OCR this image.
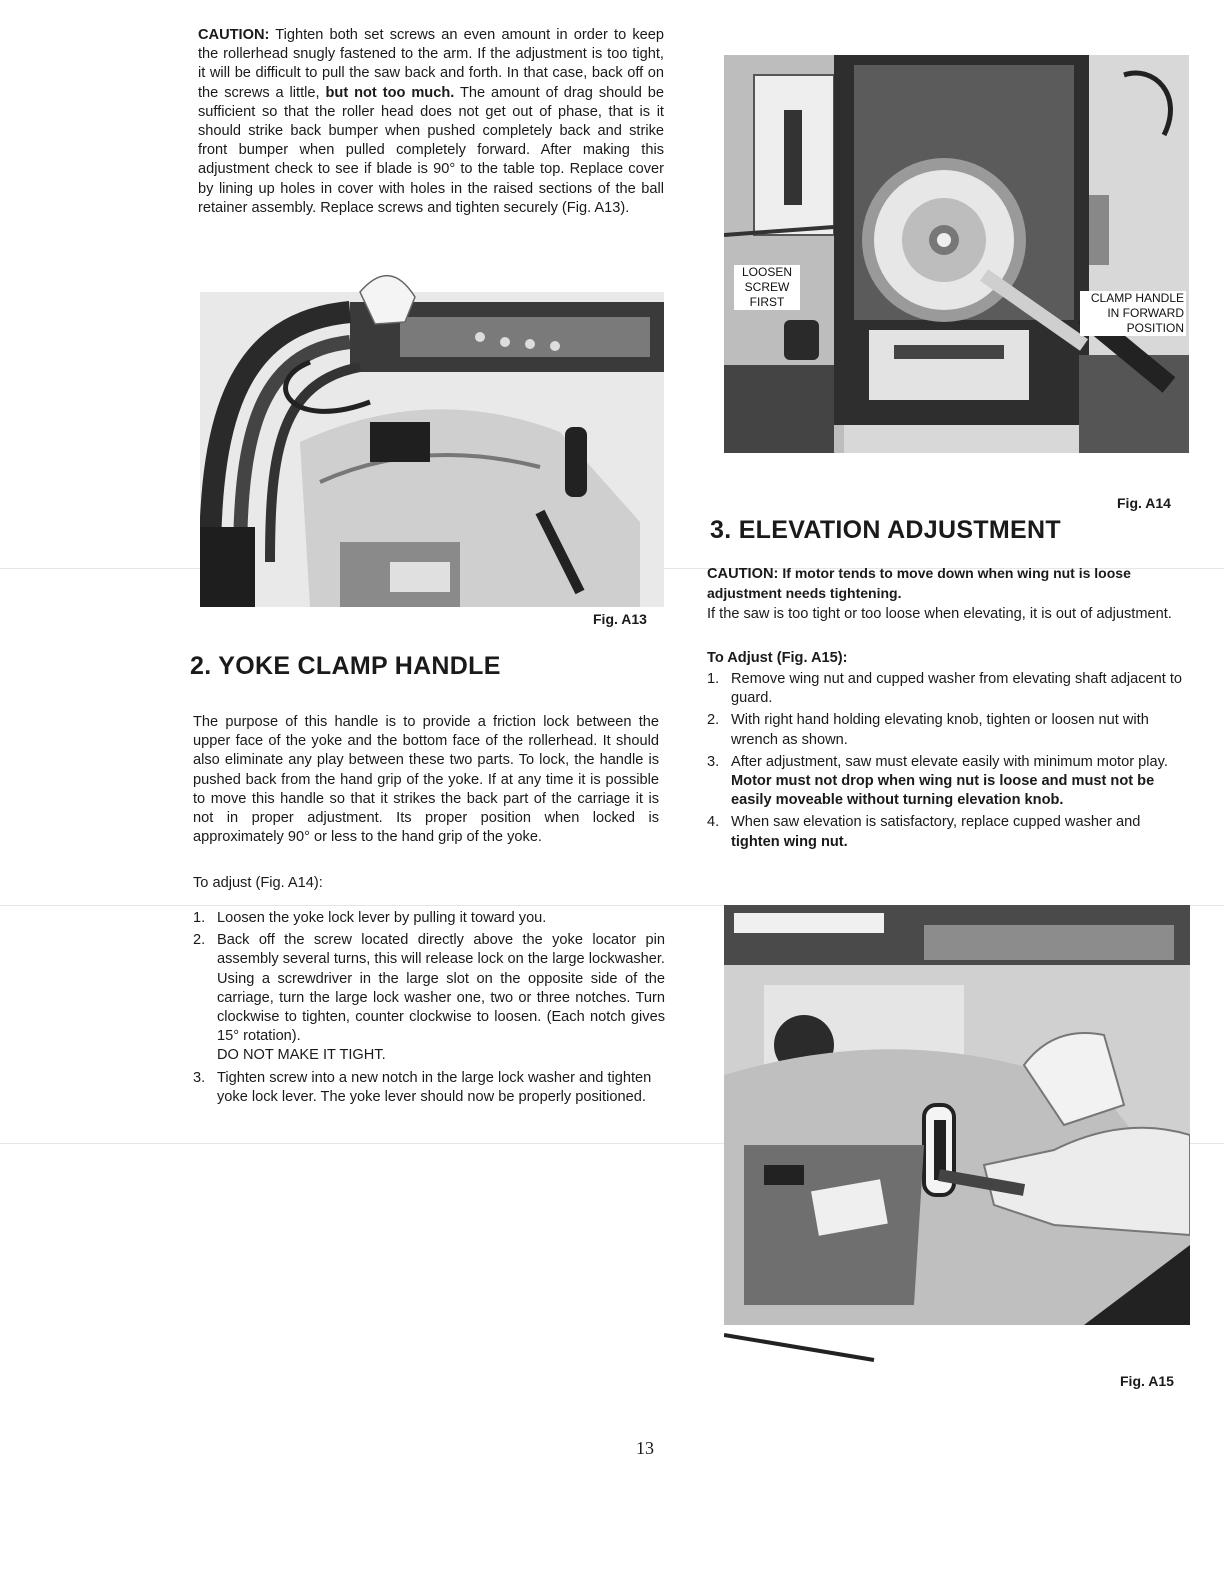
CAUTION: Tighten both set screws an even amount in order to keep the rollerhead snugly fastened to the arm. If the adjustment is too tight, it will be difficult to pull the saw back and forth. In that case, back off on the screws a little, but not too much. The amount of drag should be sufficient so that the roller head does not get out of phase, that is it should strike back bumper when pushed completely back and strike front bumper when pulled completely forward. After making this adjustment check to see if blade is 90° to the table top. Replace cover by lining up holes in cover with holes in the raised sections of the ball retainer assembly. Replace screws and tighten securely (Fig. A13).
Fig. A13
2. YOKE CLAMP HANDLE
The purpose of this handle is to provide a friction lock between the upper face of the yoke and the bottom face of the rollerhead. It should also eliminate any play between these two parts. To lock, the handle is pushed back from the hand grip of the yoke. If at any time it is possible to move this handle so that it strikes the back part of the carriage it is not in proper adjustment. Its proper position when locked is approximately 90° or less to the hand grip of the yoke.
To adjust (Fig. A14):
1. Loosen the yoke lock lever by pulling it toward you.
2. Back off the screw located directly above the yoke locator pin assembly several turns, this will release lock on the large lockwasher. Using a screwdriver in the large slot on the opposite side of the carriage, turn the large lock washer one, two or three notches. Turn clockwise to tighten, counter clockwise to loosen. (Each notch gives 15° rotation).
DO NOT MAKE IT TIGHT.
3. Tighten screw into a new notch in the large lock washer and tighten yoke lock lever. The yoke lever should now be properly positioned.
LOOSEN
SCREW
FIRST	CLAMP HANDLE
IN FORWARD
POSITION
Fig. A14
3. ELEVATION ADJUSTMENT
CAUTION: If motor tends to move down when wing nut is loose adjustment needs tightening.
If the saw is too tight or too loose when elevating, it is out of adjustment.
To Adjust (Fig. A15):
1. Remove wing nut and cupped washer from elevating shaft adjacent to guard.
2. With right hand holding elevating knob, tighten or loosen nut with wrench as shown.
3. After adjustment, saw must elevate easily with minimum motor play. Motor must not drop when wing nut is loose and must not be easily moveable without turning elevation knob.
4. When saw elevation is satisfactory, replace cupped washer and tighten wing nut.
Fig. A15
13
